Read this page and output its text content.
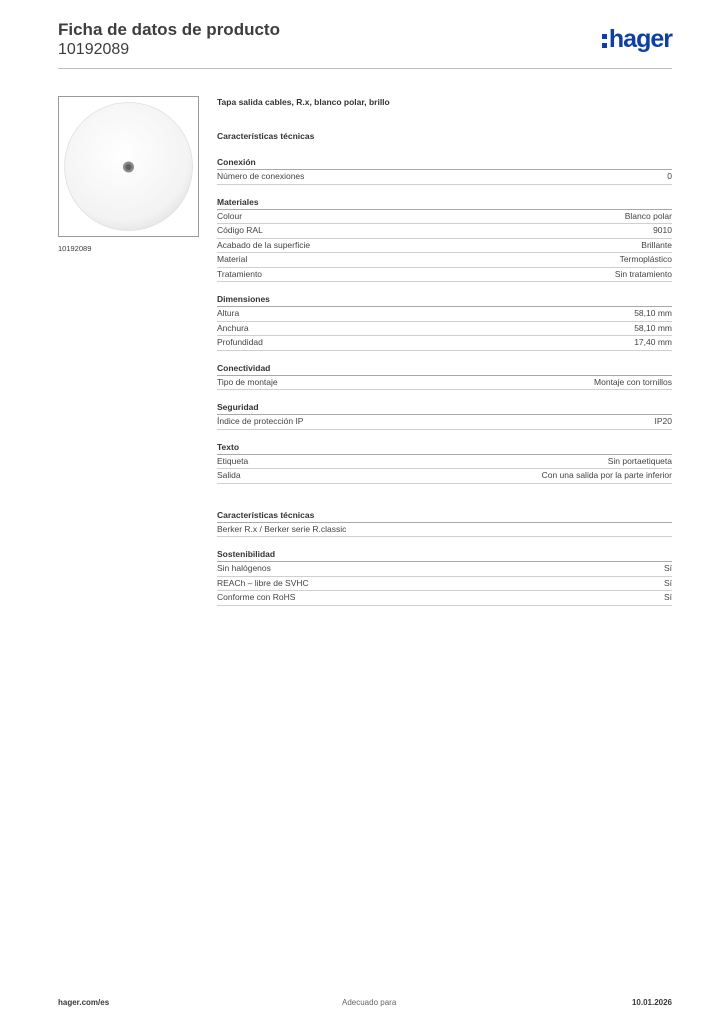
Ficha de datos de producto
10192089	hager
10192089
Tapa salida cables, R.x, blanco polar, brillo
Características técnicas
Conexión
Número de conexiones	0
Materiales
Colour	Blanco polar
Código RAL	9010
Acabado de la superficie	Brillante
Material	Termoplástico
Tratamiento	Sin tratamiento
Dimensiones
Altura	58,10 mm
Anchura	58,10 mm
Profundidad	17,40 mm
Conectividad
Tipo de montaje	Montaje con tornillos
Seguridad
Índice de protección IP	IP20
Texto
Etiqueta	Sin portaetiqueta
Salida	Con una salida por la parte inferior
Características técnicas
Berker R.x / Berker serie R.classic
Sostenibilidad
Sin halógenos	Sí
REACh – libre de SVHC	Sí
Conforme con RoHS	Sí
hager.com/es	Adecuado para	10.01.2026
